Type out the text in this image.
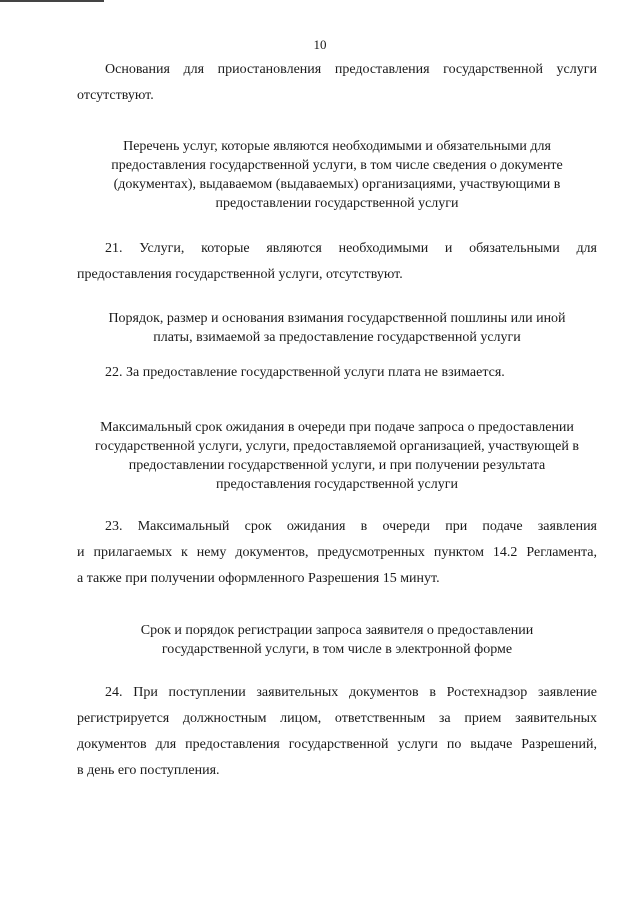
10

Основания для приостановления предоставления государственной услуги
отсутствуют.

Перечень услуг, которые являются необходимыми и обязательными для
предоставления государственной услуги, в том числе сведения о документе
(документах), выдаваемом (выдаваемых) организациями, участвующими в
предоставлении государственной услуги

21. Услуги, которые являются необходимыми и обязательными для
предоставления государственной услуги, отсутствуют.

Порядок, размер и основания взимания государственной пошлины или иной
платы, взимаемой за предоставление государственной услуги

22. За предоставление государственной услуги плата не взимается.

Максимальный срок ожидания в очереди при подаче запроса о предоставлении
государственной услуги, услуги, предоставляемой организацией, участвующей в
предоставлении государственной услуги, и при получении результата
предоставления государственной услуги

23. Максимальный срок ожидания в очереди при подаче заявления
и прилагаемых к нему документов, предусмотренных пунктом 14.2 Регламента,
а также при получении оформленного Разрешения 15 минут.

Срок и порядок регистрации запроса заявителя о предоставлении
государственной услуги, в том числе в электронной форме

24. При поступлении заявительных документов в Ростехнадзор заявление
регистрируется должностным лицом, ответственным за прием заявительных
документов для предоставления государственной услуги по выдаче Разрешений,
в день его поступления.
